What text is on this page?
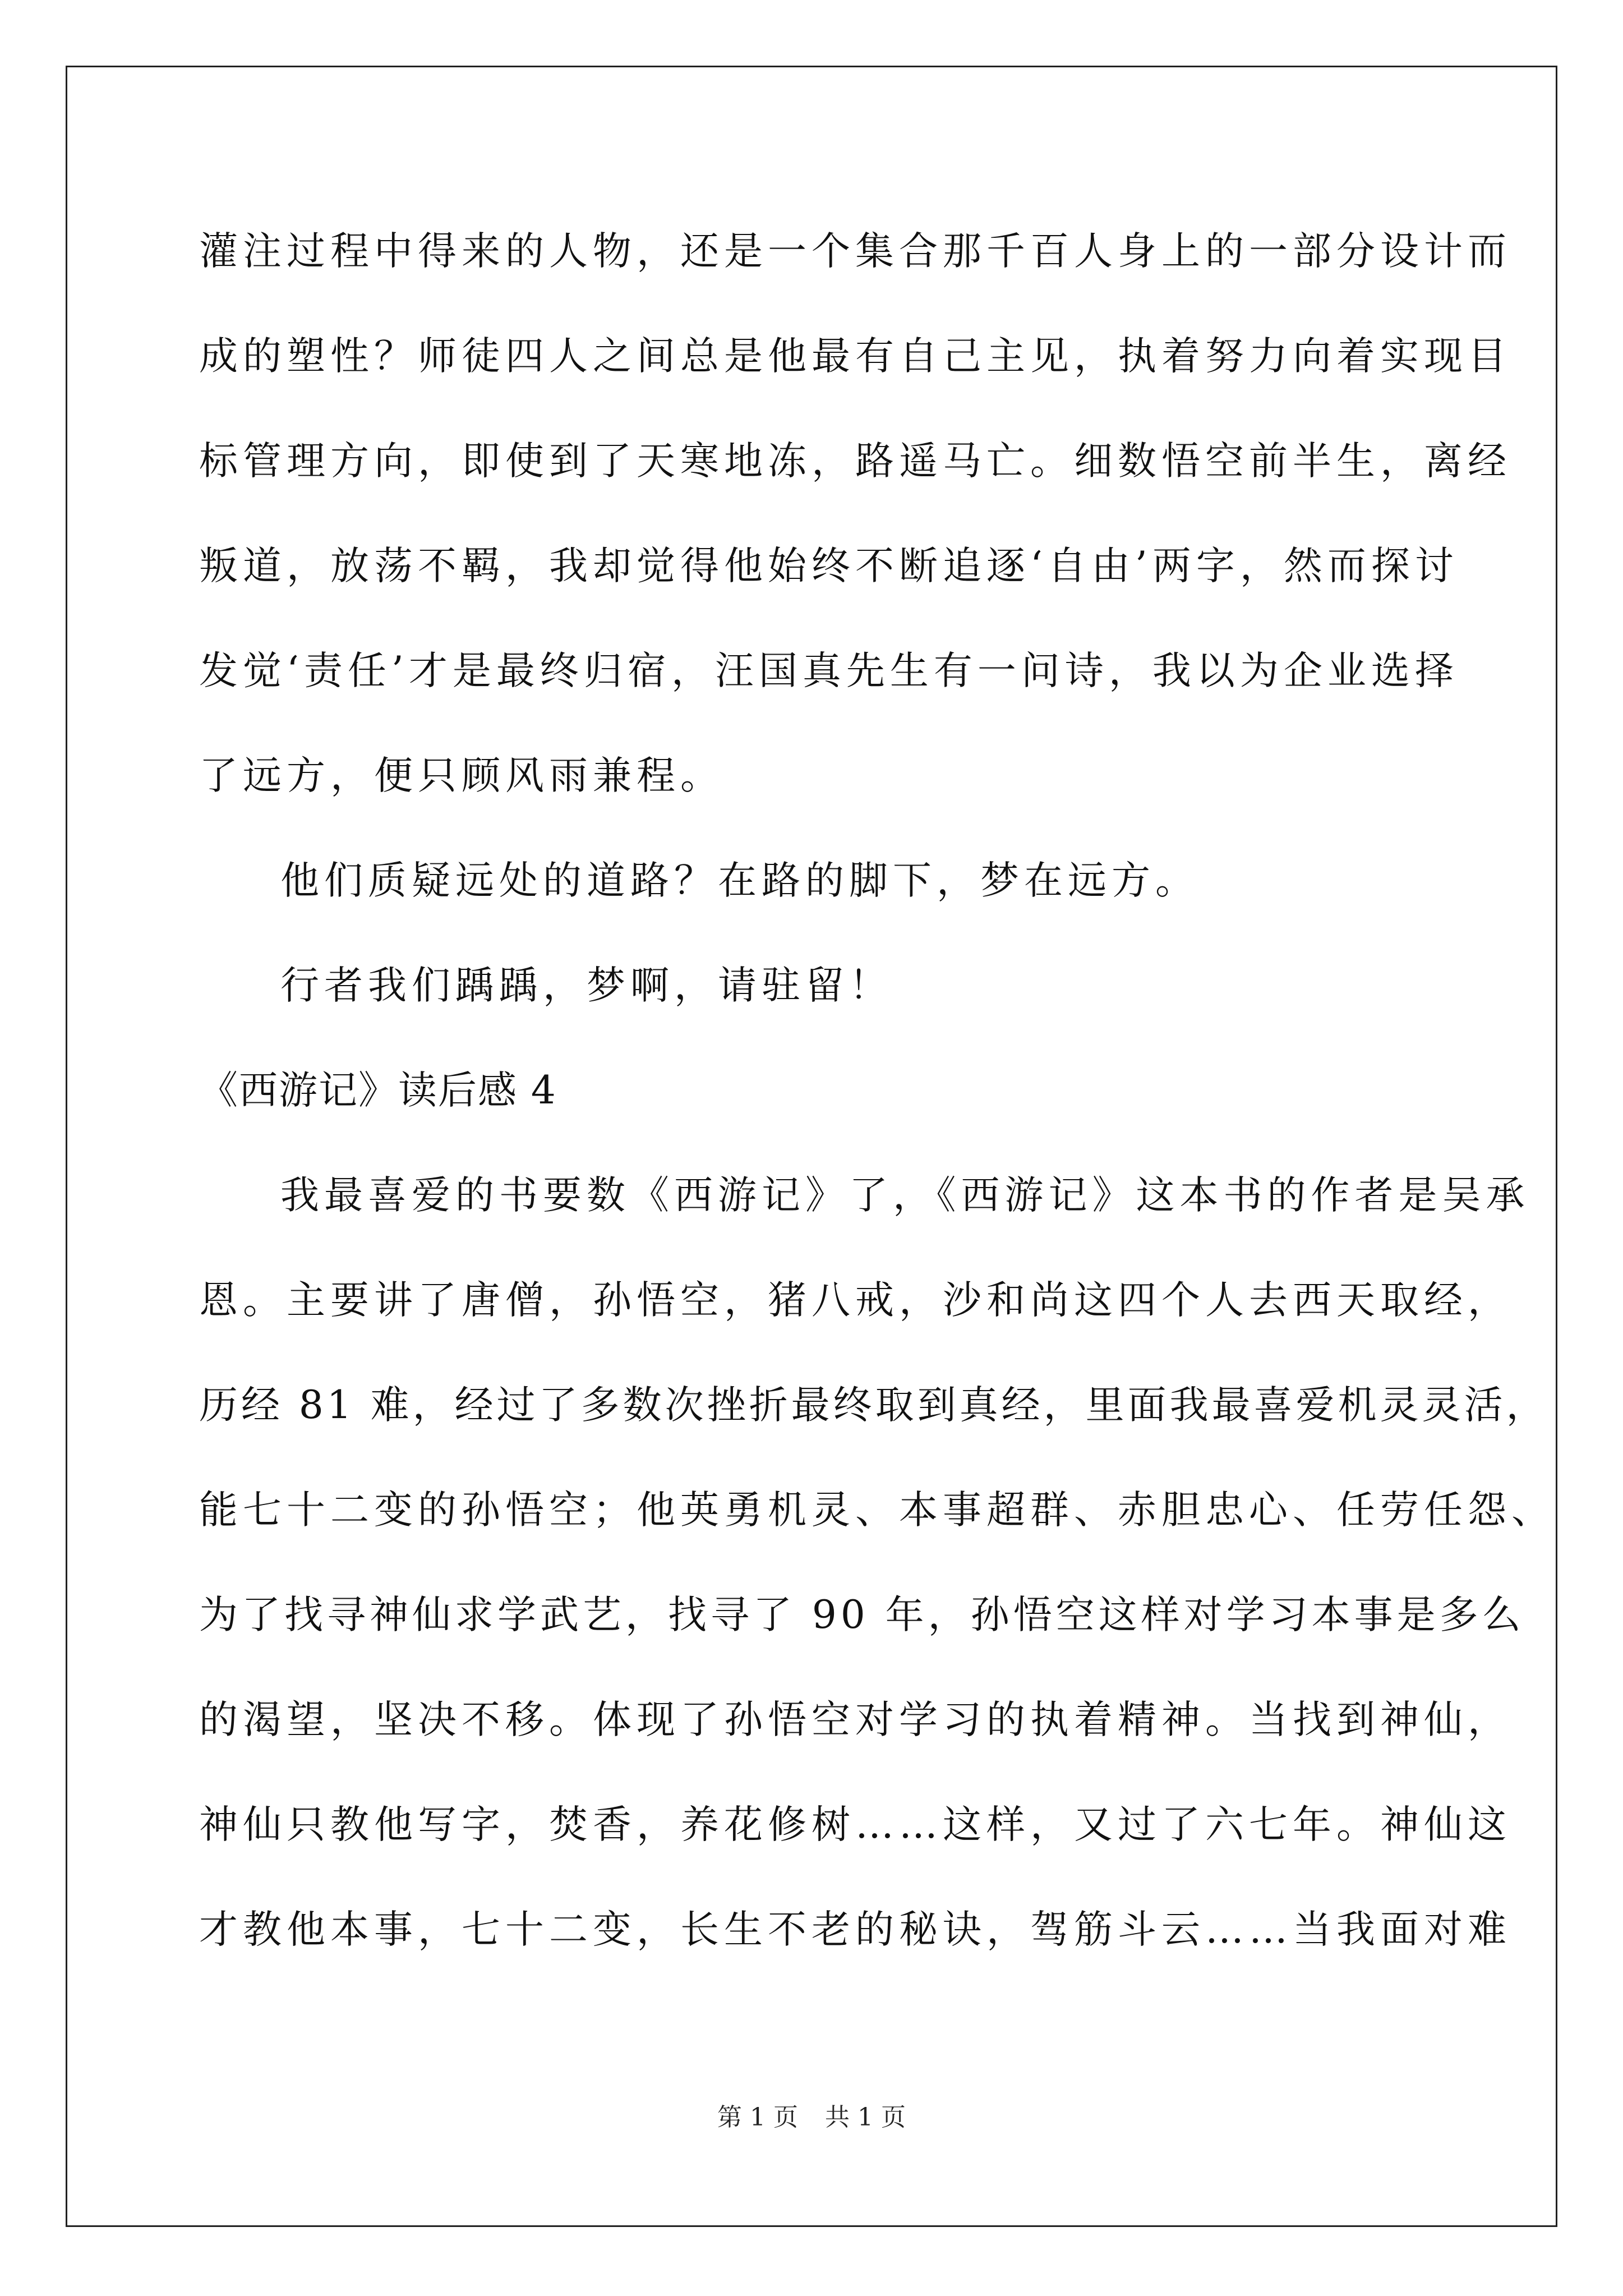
灌注过程中得来的人物，还是一个集合那千百人身上的一部分设计而
成的塑性？师徒四人之间总是他最有自己主见，执着努力向着实现目
标管理方向，即使到了天寒地冻，路遥马亡。细数悟空前半生，离经
叛道，放荡不羁，我却觉得他始终不断追逐‘自由’两字，然而探讨
发觉‘责任’才是最终归宿，汪国真先生有一问诗，我以为企业选择
了远方，便只顾风雨兼程。
他们质疑远处的道路？在路的脚下，梦在远方。
行者我们踽踽，梦啊，请驻留！
《西游记》读后感 4
我最喜爱的书要数《西游记》了，《西游记》这本书的作者是吴承
恩。主要讲了唐僧，孙悟空，猪八戒，沙和尚这四个人去西天取经，
历经 81 难，经过了多数次挫折最终取到真经，里面我最喜爱机灵灵活，
能七十二变的孙悟空；他英勇机灵、本事超群、赤胆忠心、任劳任怨、
为了找寻神仙求学武艺，找寻了 90 年，孙悟空这样对学习本事是多么
的渴望，坚决不移。体现了孙悟空对学习的执着精神。当找到神仙，
神仙只教他写字，焚香，养花修树……这样，又过了六七年。神仙这
才教他本事，七十二变，长生不老的秘诀，驾筋斗云……当我面对难
第 1 页 共 1 页
